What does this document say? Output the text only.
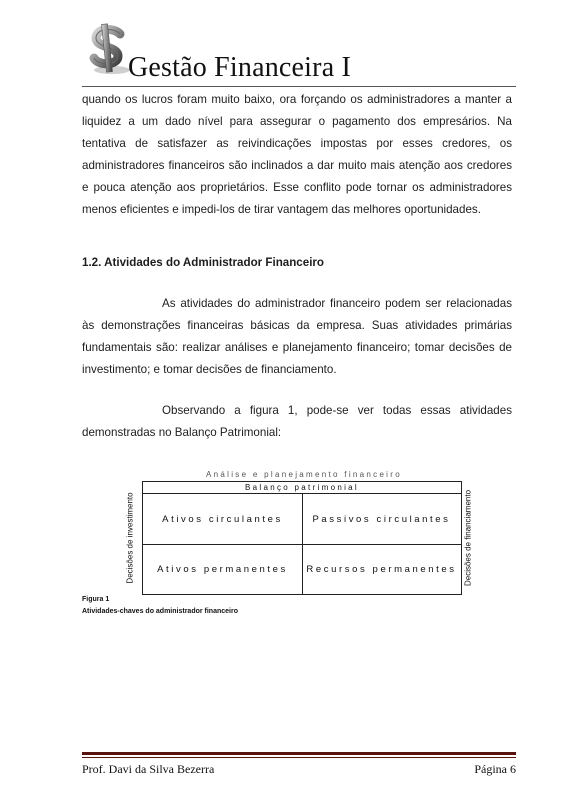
Gestão Financeira I
quando os lucros foram muito baixo, ora forçando os administradores a manter a liquidez a um dado nível para assegurar o pagamento dos empresários. Na tentativa de satisfazer as reivindicações impostas por esses credores, os administradores financeiros são inclinados a dar muito mais atenção aos credores e pouca atenção aos proprietários. Esse conflito pode tornar os administradores menos eficientes e impedi-los de tirar vantagem das melhores oportunidades.
1.2. Atividades do Administrador Financeiro
As atividades do administrador financeiro podem ser relacionadas às demonstrações financeiras básicas da empresa. Suas atividades primárias fundamentais são: realizar análises e planejamento financeiro; tomar decisões de investimento; e tomar decisões de financiamento.
Observando a figura 1, pode-se ver todas essas atividades demonstradas no Balanço Patrimonial:
Análise e planejamento financeiro
Balanço patrimonial
Ativos circulantes	Passivos circulantes
Ativos permanentes	Recursos permanentes
Decisões de investimento	Decisões de financiamento
Figura 1
Atividades-chaves do administrador financeiro
Prof. Davi da Silva Bezerra	Página 6
